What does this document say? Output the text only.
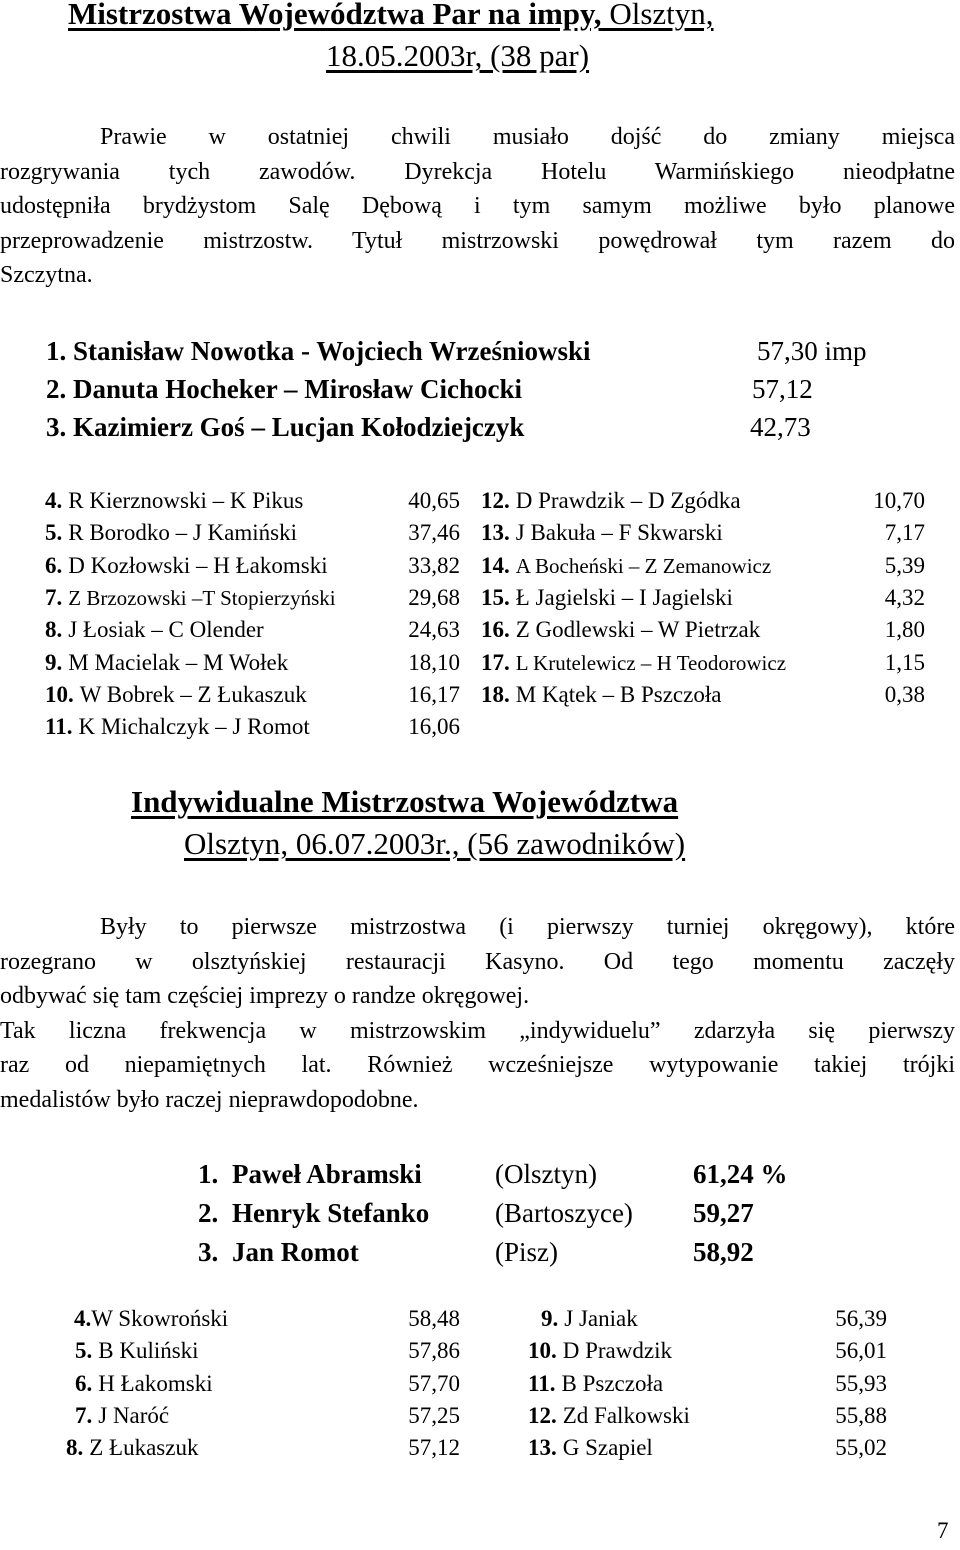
Mistrzostwa Województwa Par na impy, Olsztyn,
18.05.2003r, (38 par)
Prawie w ostatniej chwili musiało dojść do zmiany miejsca
rozgrywania tych zawodów. Dyrekcja Hotelu Warmińskiego nieodpłatne
udostępniła brydżystom Salę Dębową i tym samym możliwe było planowe
przeprowadzenie mistrzostw. Tytuł mistrzowski powędrował tym razem do
Szczytna.
1. Stanisław Nowotka - Wojciech Wrześniowski	57,30 imp
2. Danuta Hocheker – Mirosław Cichocki	57,12
3. Kazimierz Goś – Lucjan Kołodziejczyk	42,73
4. R Kierznowski – K Pikus	40,65
5. R Borodko – J Kamiński	37,46
6. D Kozłowski – H Łakomski	33,82
7. Z Brzozowski –T Stopierzyński	29,68
8. J Łosiak – C Olender	24,63
9. M Macielak – M Wołek	18,10
10. W Bobrek – Z Łukaszuk	16,17
11. K Michalczyk – J Romot	16,06
12. D Prawdzik – D Zgódka	10,70
13. J Bakuła – F Skwarski	7,17
14. A Bocheński – Z Zemanowicz	5,39
15. Ł Jagielski – I Jagielski	4,32
16. Z Godlewski – W Pietrzak	1,80
17. L Krutelewicz – H Teodorowicz	1,15
18. M Kątek – B Pszczoła	0,38
Indywidualne Mistrzostwa Województwa
Olsztyn, 06.07.2003r., (56 zawodników)
Były to pierwsze mistrzostwa (i pierwszy turniej okręgowy), które
rozegrano w olsztyńskiej restauracji Kasyno. Od tego momentu zaczęły
odbywać się tam częściej imprezy o randze okręgowej.
Tak liczna frekwencja w mistrzowskim „indywiduelu” zdarzyła się pierwszy
raz od niepamiętnych lat. Również wcześniejsze wytypowanie takiej trójki
medalistów było raczej nieprawdopodobne.
1. Paweł Abramski	(Olsztyn)	61,24 %
2. Henryk Stefanko (Bartoszyce) 59,27
3. Jan Romot	(Pisz)	58,92
4.W Skowroński	58,48
5. B Kuliński	57,86
6. H Łakomski	57,70
7. J Naróć	57,25
8. Z Łukaszuk	57,12
9. J Janiak	56,39
10. D Prawdzik	56,01
11. B Pszczoła	55,93
12. Zd Falkowski	55,88
13. G Szapiel	55,02
7
